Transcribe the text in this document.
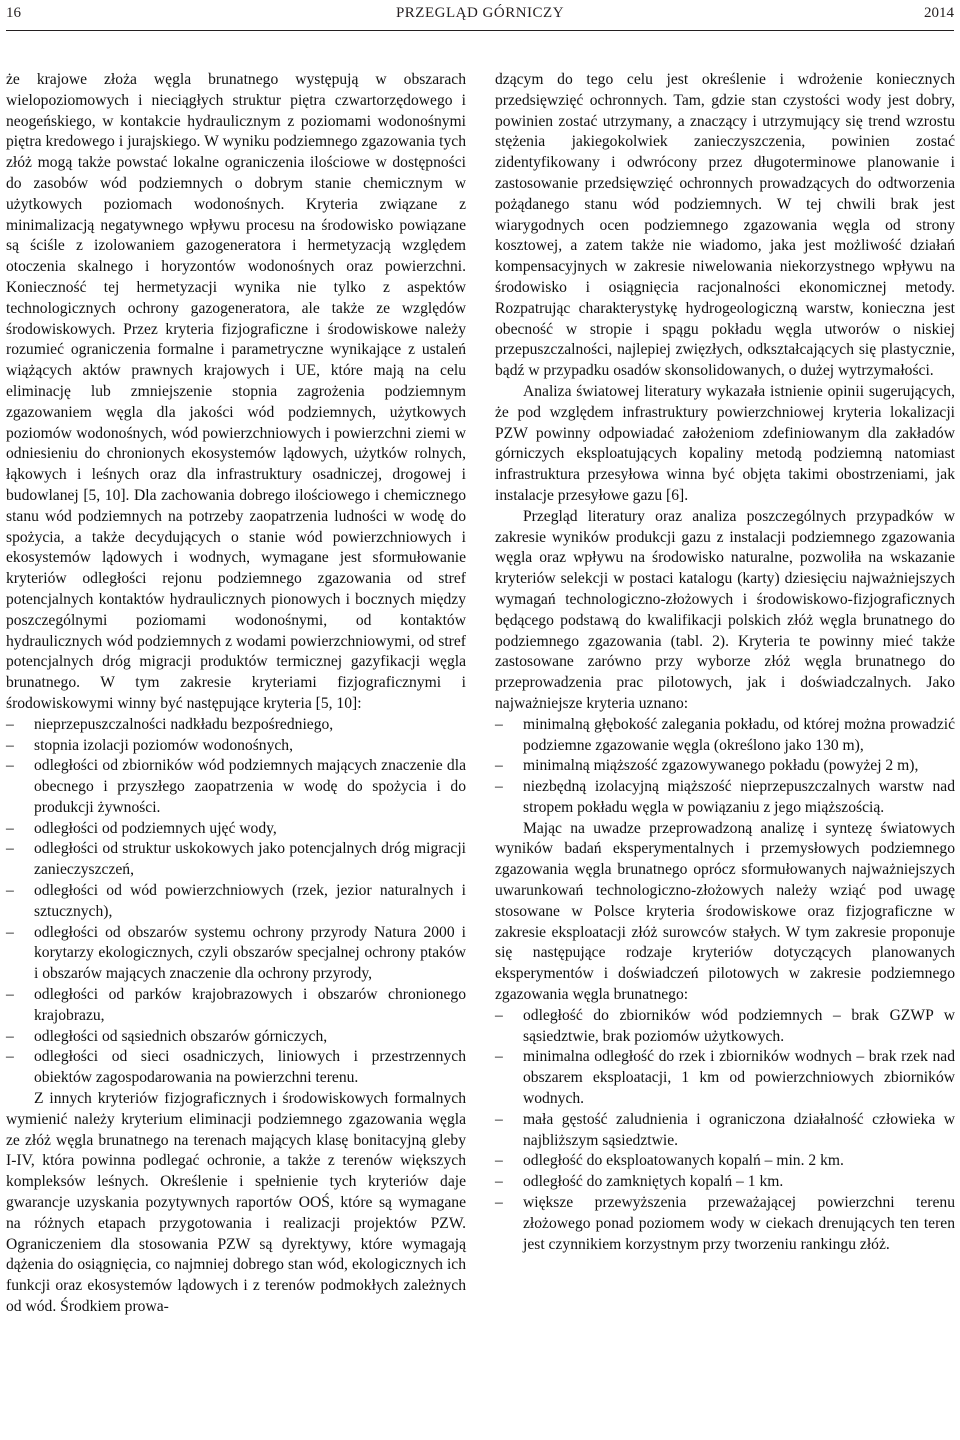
16	PRZEGLĄD GÓRNICZY	2014

że krajowe złoża węgla brunatnego występują w obszarach wielopoziomowych i nieciągłych struktur piętra czwartorzędowego i neogeńskiego, w kontakcie hydraulicznym z poziomami wodonośnymi piętra kredowego i jurajskiego. W wyniku podziemnego zgazowania tych złóż mogą także powstać lokalne ograniczenia ilościowe w dostępności do zasobów wód podziemnych o dobrym stanie chemicznym w użytkowych poziomach wodonośnych. Kryteria związane z minimalizacją negatywnego wpływu procesu na środowisko powiązane są ściśle z izolowaniem gazogeneratora i hermetyzacją względem otoczenia skalnego i horyzontów wodonośnych oraz powierzchni. Konieczność tej hermetyzacji wynika nie tylko z aspektów technologicznych ochrony gazogeneratora, ale także ze względów środowiskowych. Przez kryteria fizjograficzne i środowiskowe należy rozumieć ograniczenia formalne i parametryczne wynikające z ustaleń wiążących aktów prawnych krajowych i UE, które mają na celu eliminację lub zmniejszenie stopnia zagrożenia podziemnym zgazowaniem węgla dla jakości wód podziemnych, użytkowych poziomów wodonośnych, wód powierzchniowych i powierzchni ziemi w odniesieniu do chronionych ekosystemów lądowych, użytków rolnych, łąkowych i leśnych oraz dla infrastruktury osadniczej, drogowej i budowlanej [5, 10]. Dla zachowania dobrego ilościowego i chemicznego stanu wód podziemnych na potrzeby zaopatrzenia ludności w wodę do spożycia, a także decydujących o stanie wód powierzchniowych i ekosystemów lądowych i wodnych, wymagane jest sformułowanie kryteriów odległości rejonu podziemnego zgazowania od stref potencjalnych kontaktów hydraulicznych pionowych i bocznych między poszczególnymi poziomami wodonośnymi, od kontaktów hydraulicznych wód podziemnych z wodami powierzchniowymi, od stref potencjalnych dróg migracji produktów termicznej gazyfikacji węgla brunatnego. W tym zakresie kryteriami fizjograficznymi i środowiskowymi winny być następujące kryteria [5, 10]:

– nieprzepuszczalności nadkładu bezpośredniego,
– stopnia izolacji poziomów wodonośnych,
– odległości od zbiorników wód podziemnych mających znaczenie dla obecnego i przyszłego zaopatrzenia w wodę do spożycia i do produkcji żywności.
– odległości od podziemnych ujęć wody,
– odległości od struktur uskokowych jako potencjalnych dróg migracji zanieczyszczeń,
– odległości od wód powierzchniowych (rzek, jezior naturalnych i sztucznych),
– odległości od obszarów systemu ochrony przyrody Natura 2000 i korytarzy ekologicznych, czyli obszarów specjalnej ochrony ptaków i obszarów mających znaczenie dla ochrony przyrody,
– odległości od parków krajobrazowych i obszarów chronionego krajobrazu,
– odległości od sąsiednich obszarów górniczych,
– odległości od sieci osadniczych, liniowych i przestrzennych obiektów zagospodarowania na powierzchni terenu.

Z innych kryteriów fizjograficznych i środowiskowych formalnych wymienić należy kryterium eliminacji podziemnego zgazowania węgla ze złóż węgla brunatnego na terenach mających klasę bonitacyjną gleby I-IV, która powinna podlegać ochronie, a także z terenów większych kompleksów leśnych. Określenie i spełnienie tych kryteriów daje gwarancje uzyskania pozytywnych raportów OOŚ, które są wymagane na różnych etapach przygotowania i realizacji projektów PZW. Ograniczeniem dla stosowania PZW są dyrektywy, które wymagają dążenia do osiągnięcia, co najmniej dobrego stan wód, ekologicznych ich funkcji oraz ekosystemów lądowych i z terenów podmokłych zależnych od wód. Środkiem prowa-

dzącym do tego celu jest określenie i wdrożenie koniecznych przedsięwzięć ochronnych. Tam, gdzie stan czystości wody jest dobry, powinien zostać utrzymany, a znaczący i utrzymujący się trend wzrostu stężenia jakiegokolwiek zanieczyszczenia, powinien zostać zidentyfikowany i odwrócony przez długoterminowe planowanie i zastosowanie przedsięwzięć ochronnych prowadzących do odtworzenia pożądanego stanu wód podziemnych. W tej chwili brak jest wiarygodnych ocen podziemnego zgazowania węgla od strony kosztowej, a zatem także nie wiadomo, jaka jest możliwość działań kompensacyjnych w zakresie niwelowania niekorzystnego wpływu na środowisko i osiągnięcia racjonalności ekonomicznej metody. Rozpatrując charakterystykę hydrogeologiczną warstw, konieczna jest obecność w stropie i spągu pokładu węgla utworów o niskiej przepuszczalności, najlepiej zwięzłych, odkształcających się plastycznie, bądź w przypadku osadów skonsolidowanych, o dużej wytrzymałości.

Analiza światowej literatury wykazała istnienie opinii sugerujących, że pod względem infrastruktury powierzchniowej kryteria lokalizacji PZW powinny odpowiadać założeniom zdefiniowanym dla zakładów górniczych eksploatujących kopaliny metodą podziemną natomiast infrastruktura przesyłowa winna być objęta takimi obostrzeniami, jak instalacje przesyłowe gazu [6].

Przegląd literatury oraz analiza poszczególnych przypadków w zakresie wyników produkcji gazu z instalacji podziemnego zgazowania węgla oraz wpływu na środowisko naturalne, pozwoliła na wskazanie kryteriów selekcji w postaci katalogu (karty) dziesięciu najważniejszych wymagań technologiczno-złożowych i środowiskowo-fizjograficznych będącego podstawą do kwalifikacji polskich złóż węgla brunatnego do podziemnego zgazowania (tabl. 2). Kryteria te powinny mieć także zastosowane zarówno przy wyborze złóż węgla brunatnego do przeprowadzenia prac pilotowych, jak i doświadczalnych. Jako najważniejsze kryteria uznano:

– minimalną głębokość zalegania pokładu, od której można prowadzić podziemne zgazowanie węgla (określono jako 130 m),
– minimalną miąższość zgazowywanego pokładu (powyżej 2 m),
– niezbędną izolacyjną miąższość nieprzepuszczalnych warstw nad stropem pokładu węgla w powiązaniu z jego miąższością.

Mając na uwadze przeprowadzoną analizę i syntezę światowych wyników badań eksperymentalnych i przemysłowych podziemnego zgazowania węgla brunatnego oprócz sformułowanych najważniejszych uwarunkowań technologiczno-złożowych należy wziąć pod uwagę stosowane w Polsce kryteria środowiskowe oraz fizjograficzne w zakresie eksploatacji złóż surowców stałych. W tym zakresie proponuje się następujące rodzaje kryteriów dotyczących planowanych eksperymentów i doświadczeń pilotowych w zakresie podziemnego zgazowania węgla brunatnego:

– odległość do zbiorników wód podziemnych – brak GZWP w sąsiedztwie, brak poziomów użytkowych.
– minimalna odległość do rzek i zbiorników wodnych – brak rzek nad obszarem eksploatacji, 1 km od powierzchniowych zbiorników wodnych.
– mała gęstość zaludnienia i ograniczona działalność człowieka w najbliższym sąsiedztwie.
– odległość do eksploatowanych kopalń – min. 2 km.
– odległość do zamkniętych kopalń – 1 km.
– większe przewyższenia przeważającej powierzchni terenu złożowego ponad poziomem wody w ciekach drenujących ten teren jest czynnikiem korzystnym przy tworzeniu rankingu złóż.
